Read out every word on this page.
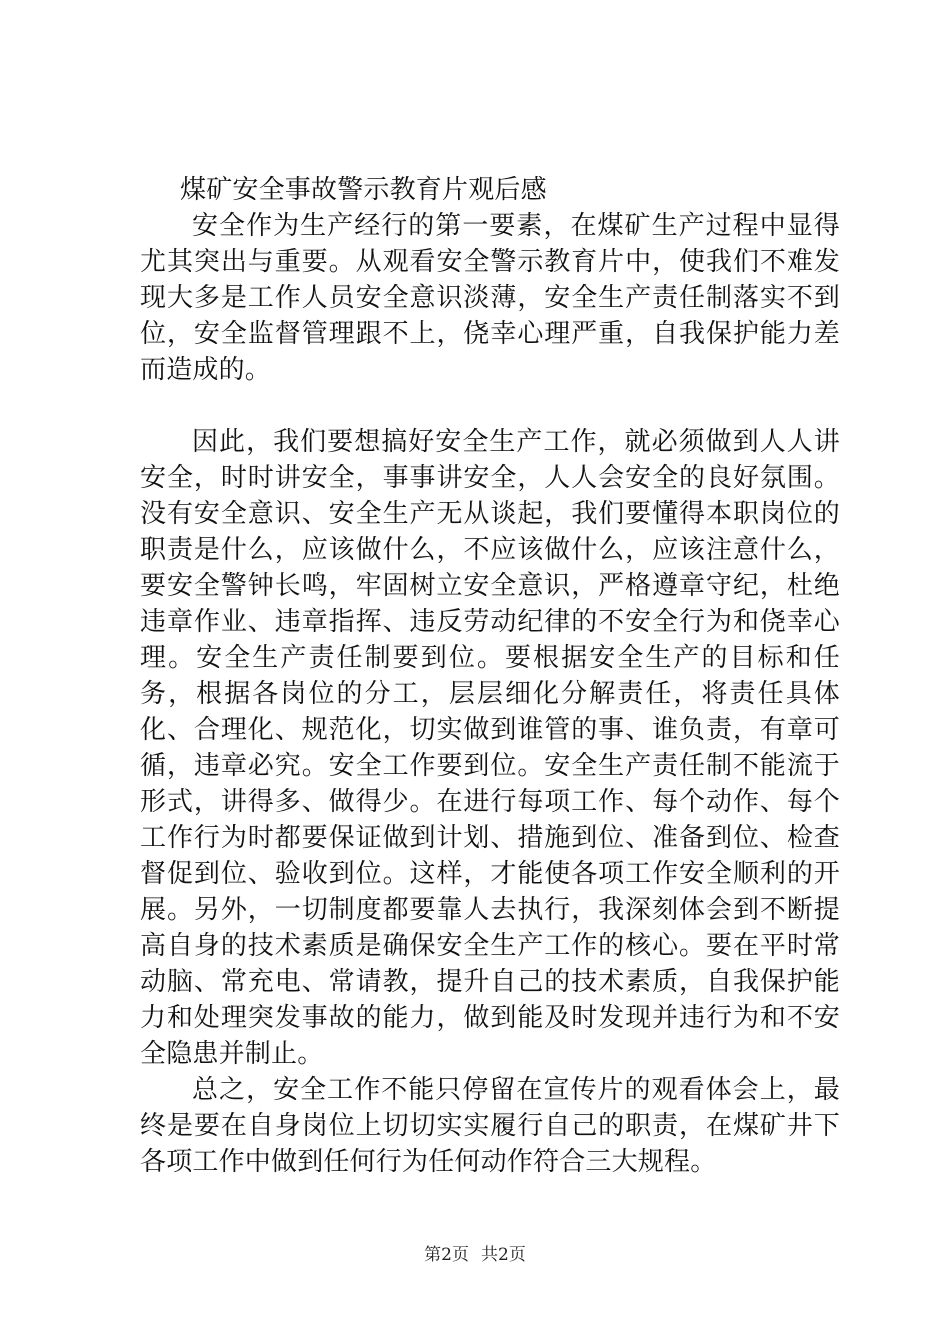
煤矿安全事故警示教育片观后感

安全作为生产经行的第一要素，在煤矿生产过程中显得尤其突出与重要。从观看安全警示教育片中，使我们不难发现大多是工作人员安全意识淡薄，安全生产责任制落实不到位，安全监督管理跟不上，侥幸心理严重，自我保护能力差而造成的。

因此，我们要想搞好安全生产工作，就必须做到人人讲安全，时时讲安全，事事讲安全，人人会安全的良好氛围。没有安全意识、安全生产无从谈起，我们要懂得本职岗位的职责是什么，应该做什么，不应该做什么，应该注意什么，要安全警钟长鸣，牢固树立安全意识，严格遵章守纪，杜绝违章作业、违章指挥、违反劳动纪律的不安全行为和侥幸心理。安全生产责任制要到位。要根据安全生产的目标和任务，根据各岗位的分工，层层细化分解责任，将责任具体化、合理化、规范化，切实做到谁管的事、谁负责，有章可循，违章必究。安全工作要到位。安全生产责任制不能流于形式，讲得多、做得少。在进行每项工作、每个动作、每个工作行为时都要保证做到计划、措施到位、准备到位、检查督促到位、验收到位。这样，才能使各项工作安全顺利的开展。另外，一切制度都要靠人去执行，我深刻体会到不断提高自身的技术素质是确保安全生产工作的核心。要在平时常动脑、常充电、常请教，提升自己的技术素质，自我保护能力和处理突发事故的能力，做到能及时发现并违行为和不安全隐患并制止。

总之，安全工作不能只停留在宣传片的观看体会上，最终是要在自身岗位上切切实实履行自己的职责，在煤矿井下各项工作中做到任何行为任何动作符合三大规程。

第2页 共2页
